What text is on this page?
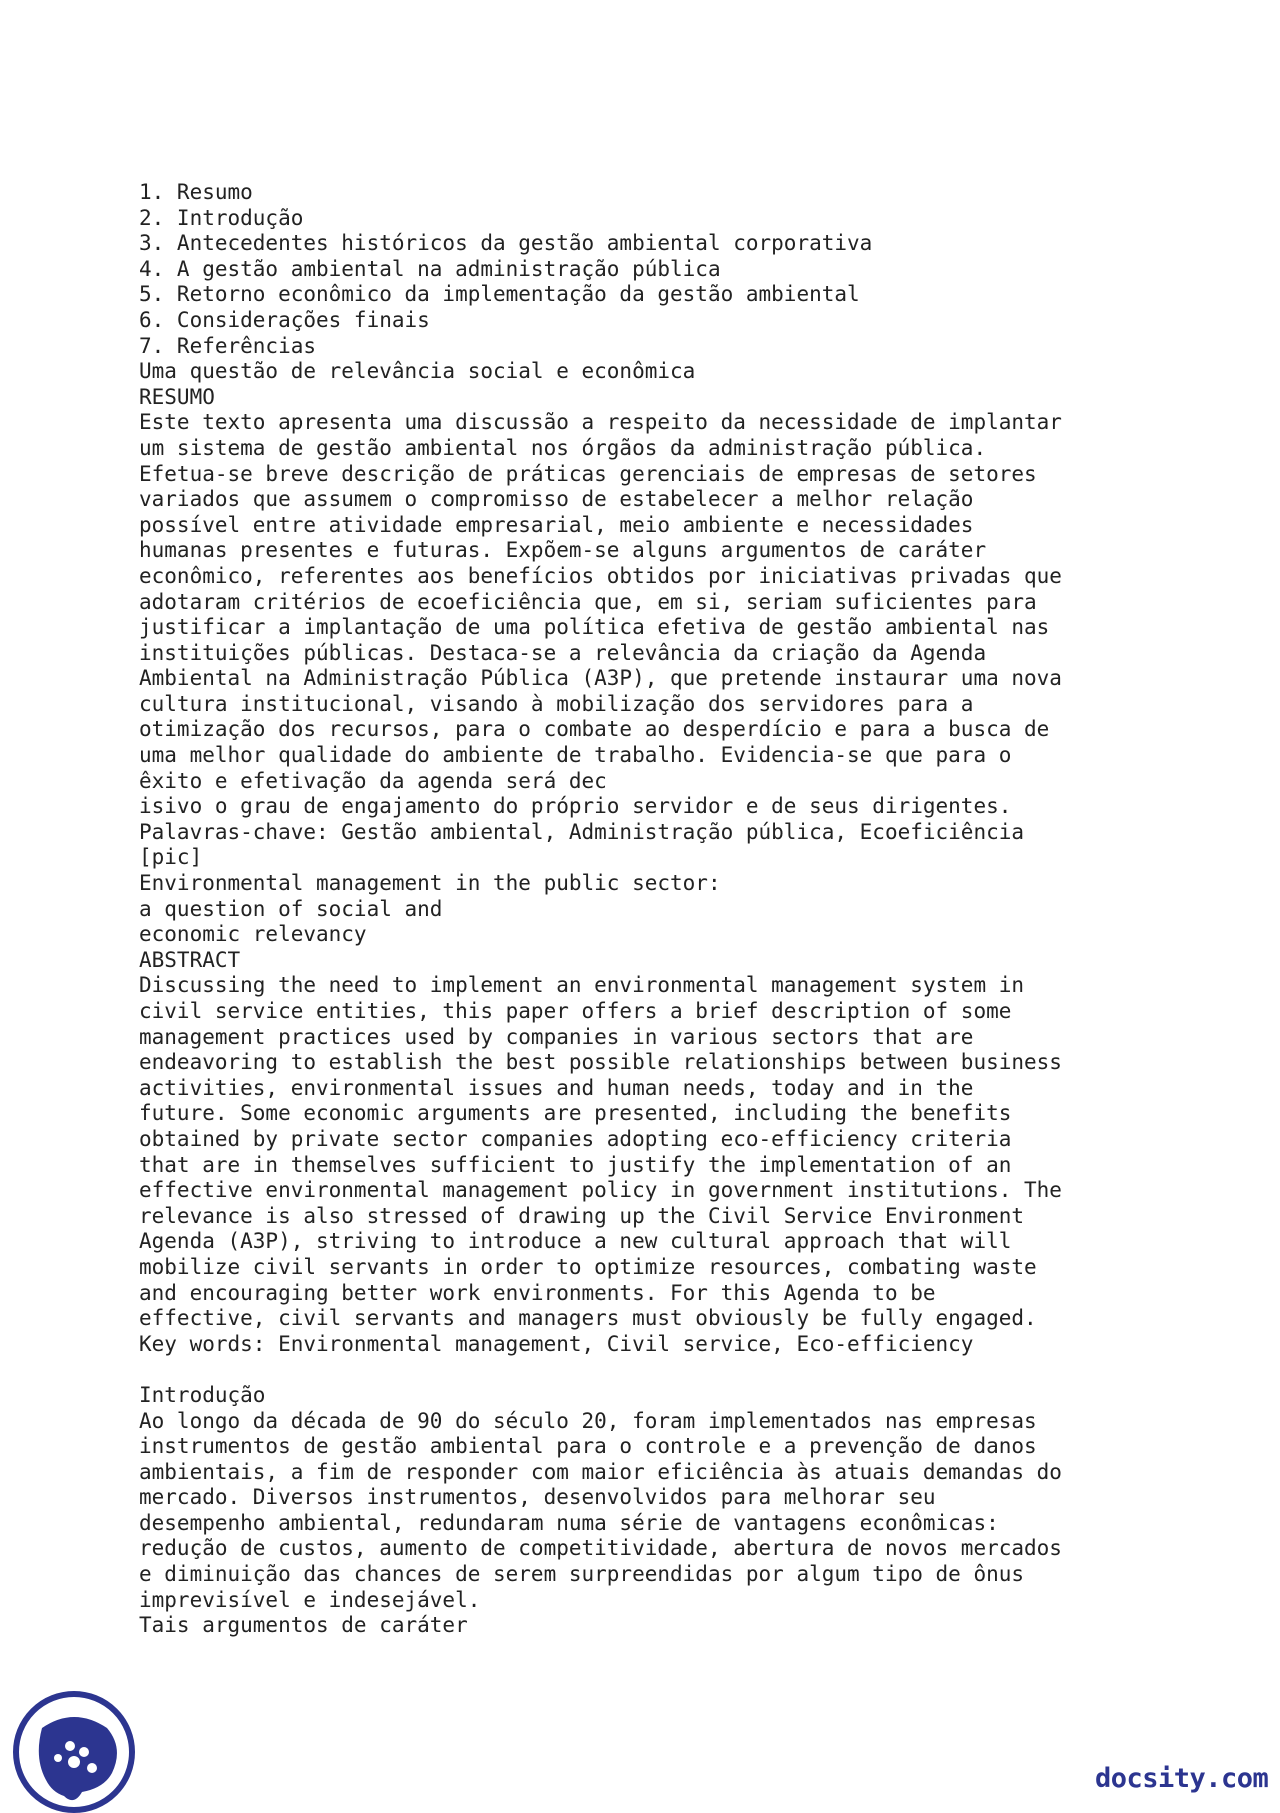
1. Resumo
2. Introdução
3. Antecedentes históricos da gestão ambiental corporativa
4. A gestão ambiental na administração pública
5. Retorno econômico da implementação da gestão ambiental
6. Considerações finais
7. Referências
Uma questão de relevância social e econômica
RESUMO
Este texto apresenta uma discussão a respeito da necessidade de implantar
um sistema de gestão ambiental nos órgãos da administração pública.
Efetua-se breve descrição de práticas gerenciais de empresas de setores
variados que assumem o compromisso de estabelecer a melhor relação
possível entre atividade empresarial, meio ambiente e necessidades
humanas presentes e futuras. Expõem-se alguns argumentos de caráter
econômico, referentes aos benefícios obtidos por iniciativas privadas que
adotaram critérios de ecoeficiência que, em si, seriam suficientes para
justificar a implantação de uma política efetiva de gestão ambiental nas
instituições públicas. Destaca-se a relevância da criação da Agenda
Ambiental na Administração Pública (A3P), que pretende instaurar uma nova
cultura institucional, visando à mobilização dos servidores para a
otimização dos recursos, para o combate ao desperdício e para a busca de
uma melhor qualidade do ambiente de trabalho. Evidencia-se que para o
êxito e efetivação da agenda será dec
isivo o grau de engajamento do próprio servidor e de seus dirigentes.
Palavras-chave: Gestão ambiental, Administração pública, Ecoeficiência
[pic]
Environmental management in the public sector:
a question of social and
economic relevancy
ABSTRACT
Discussing the need to implement an environmental management system in
civil service entities, this paper offers a brief description of some
management practices used by companies in various sectors that are
endeavoring to establish the best possible relationships between business
activities, environmental issues and human needs, today and in the
future. Some economic arguments are presented, including the benefits
obtained by private sector companies adopting eco-efficiency criteria
that are in themselves sufficient to justify the implementation of an
effective environmental management policy in government institutions. The
relevance is also stressed of drawing up the Civil Service Environment
Agenda (A3P), striving to introduce a new cultural approach that will
mobilize civil servants in order to optimize resources, combating waste
and encouraging better work environments. For this Agenda to be
effective, civil servants and managers must obviously be fully engaged.
Key words: Environmental management, Civil service, Eco-efficiency
Introdução
Ao longo da década de 90 do século 20, foram implementados nas empresas
instrumentos de gestão ambiental para o controle e a prevenção de danos
ambientais, a fim de responder com maior eficiência às atuais demandas do
mercado. Diversos instrumentos, desenvolvidos para melhorar seu
desempenho ambiental, redundaram numa série de vantagens econômicas:
redução de custos, aumento de competitividade, abertura de novos mercados
e diminuição das chances de serem surpreendidas por algum tipo de ônus
imprevisível e indesejável.
Tais argumentos de caráter
docsity.com
